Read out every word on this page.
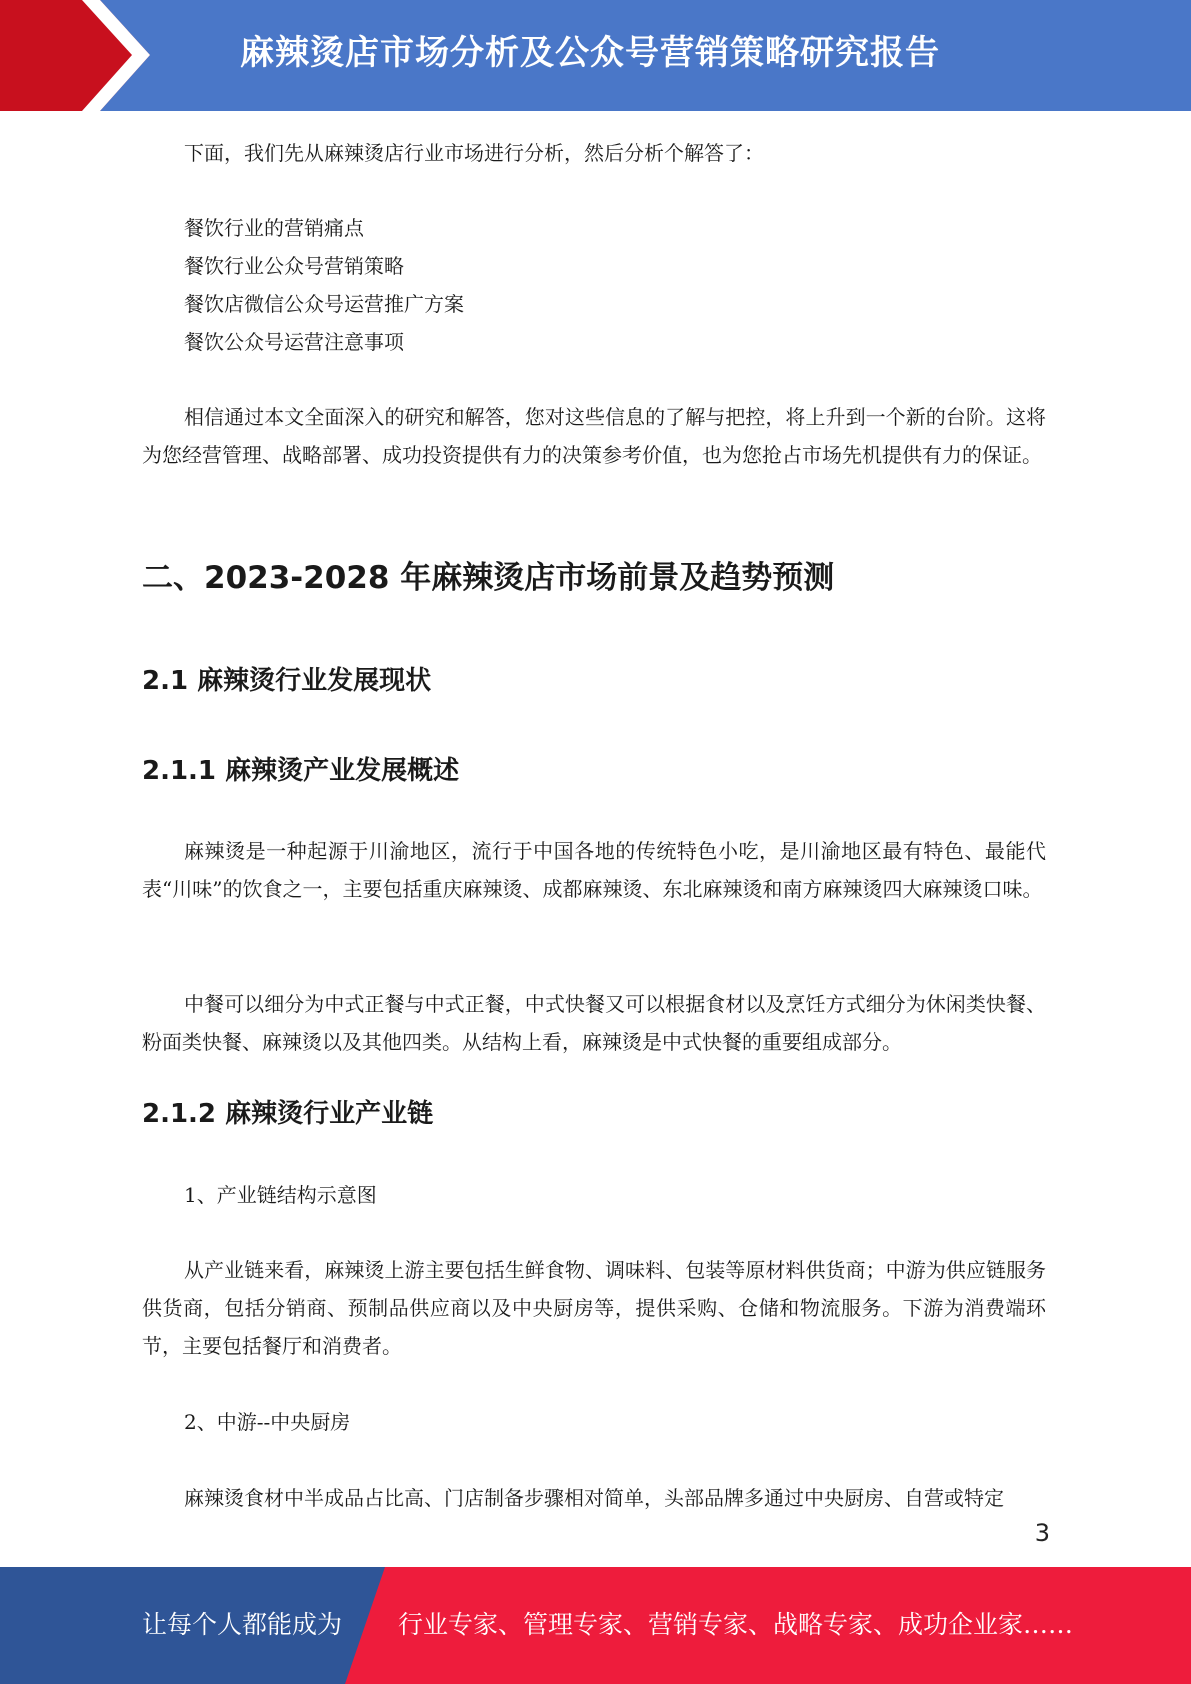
麻辣烫店市场分析及公众号营销策略研究报告

下面，我们先从麻辣烫店行业市场进行分析，然后分析个解答了：

餐饮行业的营销痛点

餐饮行业公众号营销策略

餐饮店微信公众号运营推广方案

餐饮公众号运营注意事项

相信通过本文全面深入的研究和解答，您对这些信息的了解与把控，将上升到一个新的台阶。这将为您经营管理、战略部署、成功投资提供有力的决策参考价值，也为您抢占市场先机提供有力的保证。

二、2023-2028 年麻辣烫店市场前景及趋势预测
2.1 麻辣烫行业发展现状
2.1.1 麻辣烫产业发展概述

麻辣烫是一种起源于川渝地区，流行于中国各地的传统特色小吃，是川渝地区最有特色、最能代表“川味”的饮食之一，主要包括重庆麻辣烫、成都麻辣烫、东北麻辣烫和南方麻辣烫四大麻辣烫口味。

中餐可以细分为中式正餐与中式正餐，中式快餐又可以根据食材以及烹饪方式细分为休闲类快餐、粉面类快餐、麻辣烫以及其他四类。从结构上看，麻辣烫是中式快餐的重要组成部分。

2.1.2 麻辣烫行业产业链

1、产业链结构示意图

从产业链来看，麻辣烫上游主要包括生鲜食物、调味料、包装等原材料供货商；中游为供应链服务供货商，包括分销商、预制品供应商以及中央厨房等，提供采购、仓储和物流服务。下游为消费端环节，主要包括餐厅和消费者。

2、中游--中央厨房

麻辣烫食材中半成品占比高、门店制备步骤相对简单，头部品牌多通过中央厨房、自营或特定

3
让每个人都能成为 行业专家、管理专家、营销专家、战略专家、成功企业家……
